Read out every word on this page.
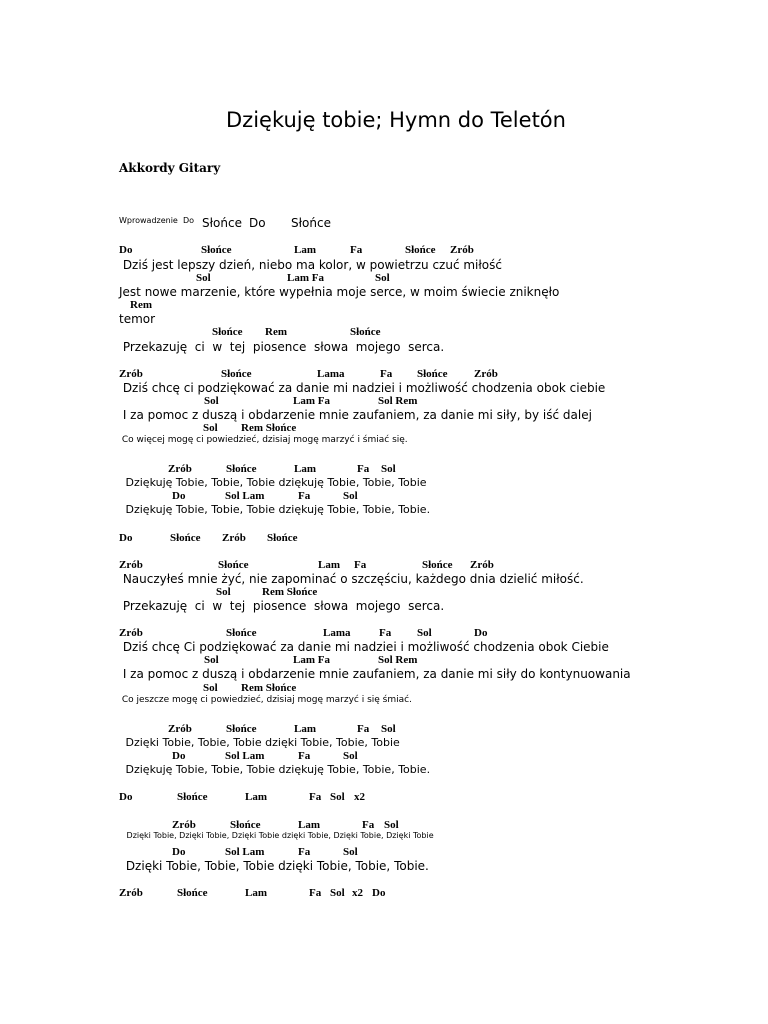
Dziękuję tobie; Hymn do Teletón
Akkordy Gitary
Wprowadzenie Do Słońce Do Słońce
Do	Słońce	Lam	Fa	Słońce Zrób
Dziś jest lepszy dzień, niebo ma kolor, w powietrzu czuć miłość
Sol	Lam Fa	Sol
Jest nowe marzenie, które wypełnia moje serce, w moim świecie zniknęło
Rem
temor
Słońce Rem	Słońce
Przekazuję  ci  w  tej  piosence  słowa  mojego  serca.
Zrób	Słońce	Lama	Fa Słońce Zrób
Dziś chcę ci podziękować za danie mi nadziei i możliwość chodzenia obok ciebie
Sol	Lam Fa	Sol Rem
I za pomoc z duszą i obdarzenie mnie zaufaniem, za danie mi siły, by iść dalej
Sol Rem Słońce
Co więcej mogę ci powiedzieć, dzisiaj mogę marzyć i śmiać się.
Zrób	Słońce	Lam	Fa Sol
Dziękuję Tobie, Tobie, Tobie dziękuję Tobie, Tobie, Tobie
Do	Sol Lam	Fa	Sol
Dziękuję Tobie, Tobie, Tobie dziękuję Tobie, Tobie, Tobie.
Do	Słońce Zrób Słońce
Zrób	Słońce	Lam Fa	Słońce Zrób
Nauczyłeś mnie żyć, nie zapominać o szczęściu, każdego dnia dzielić miłość.
Sol	Rem Słońce
Przekazuję  ci  w  tej  piosence  słowa  mojego  serca.
Zrób	Słońce	Lama	Fa Sol	Do
Dziś chcę Ci podziękować za danie mi nadziei i możliwość chodzenia obok Ciebie
Sol	Lam Fa	Sol Rem
I za pomoc z duszą i obdarzenie mnie zaufaniem, za danie mi siły do kontynuowania
Sol Rem Słońce
Co jeszcze mogę ci powiedzieć, dzisiaj mogę marzyć i się śmiać.
Zrób	Słońce	Lam	Fa Sol
Dzięki Tobie, Tobie, Tobie dzięki Tobie, Tobie, Tobie
Do	Sol Lam	Fa	Sol
Dziękuję Tobie, Tobie, Tobie dziękuję Tobie, Tobie, Tobie.
Do	Słońce	Lam	Fa Sol x2
Zrób	Słońce	Lam	Fa Sol
Dzięki Tobie, Dzięki Tobie, Dzięki Tobie dzięki Tobie, Dzięki Tobie, Dzięki Tobie
Do	Sol Lam	Fa	Sol
Dzięki Tobie, Tobie, Tobie dzięki Tobie, Tobie, Tobie.
Zrób	Słońce	Lam	Fa Sol x2 Do
